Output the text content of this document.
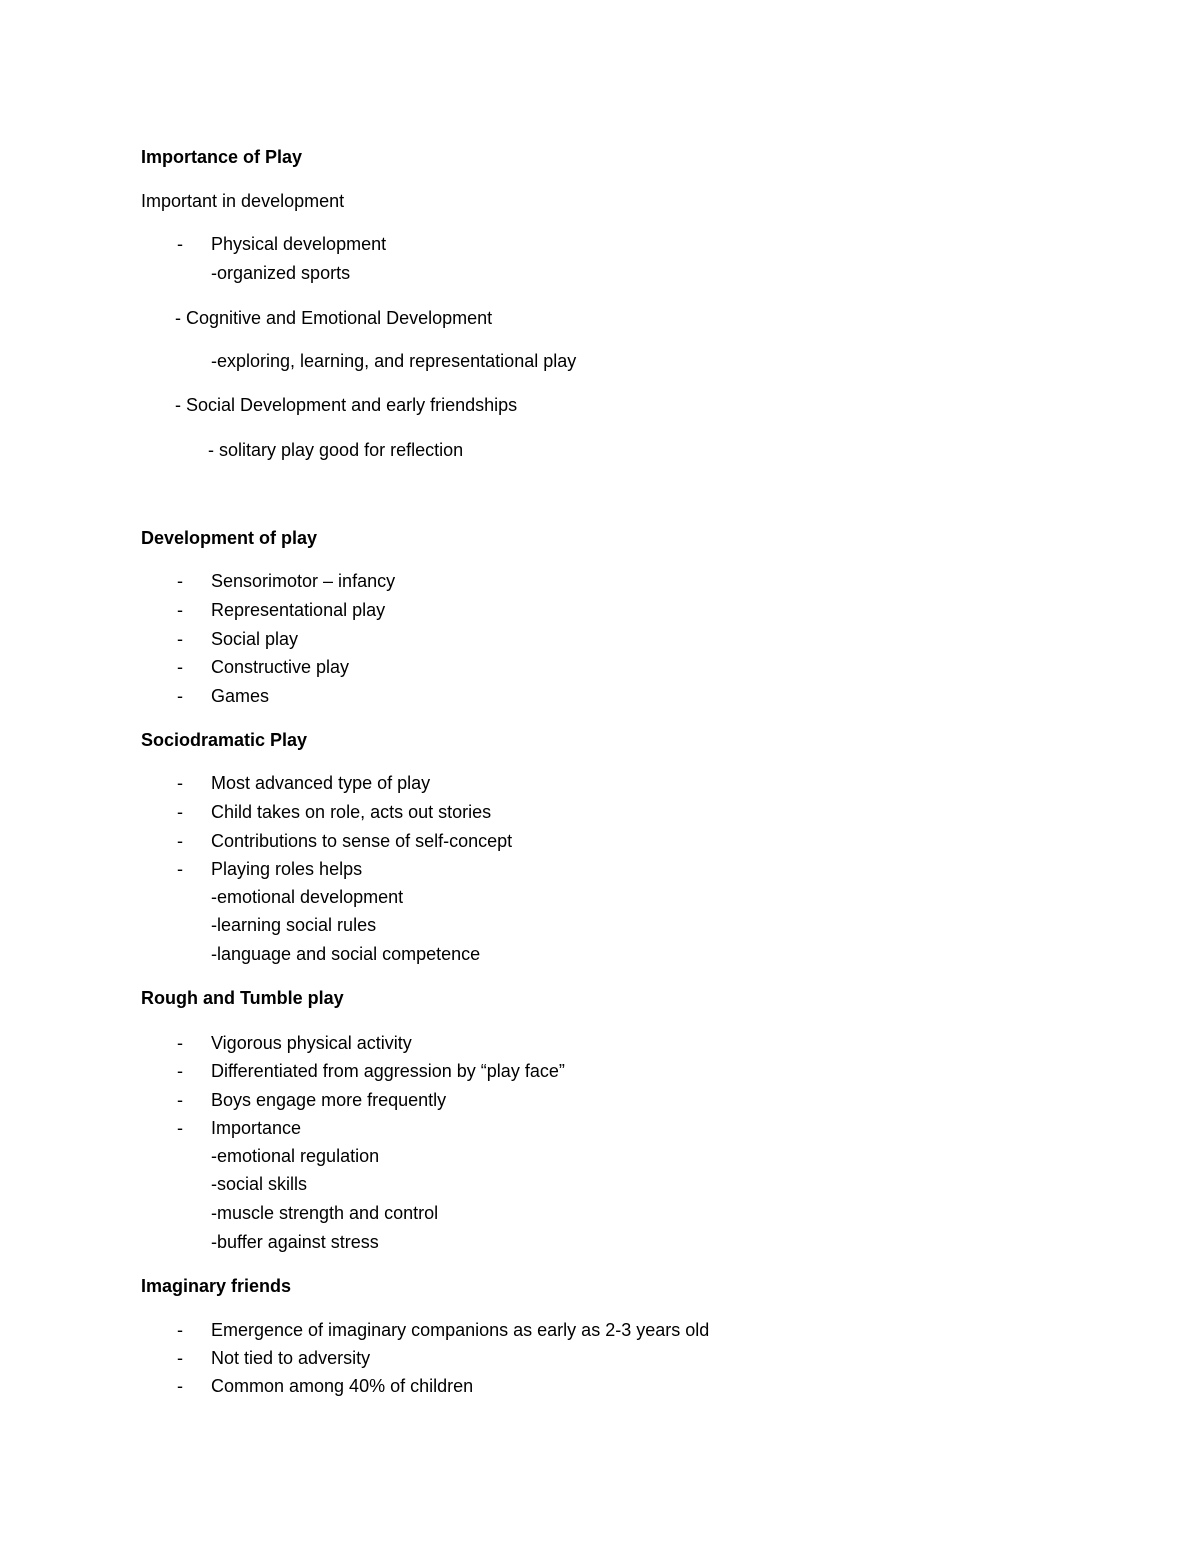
Importance of Play
Important in development
- Physical development
-organized sports
- Cognitive and Emotional Development
-exploring, learning, and representational play
- Social Development and early friendships
- solitary play good for reflection
Development of play
- Sensorimotor – infancy
- Representational play
- Social play
- Constructive play
- Games
Sociodramatic Play
- Most advanced type of play
- Child takes on role, acts out stories
- Contributions to sense of self-concept
- Playing roles helps
-emotional development
-learning social rules
-language and social competence
Rough and Tumble play
- Vigorous physical activity
- Differentiated from aggression by “play face”
- Boys engage more frequently
- Importance
-emotional regulation
-social skills
-muscle strength and control
-buffer against stress
Imaginary friends
- Emergence of imaginary companions as early as 2-3 years old
- Not tied to adversity
- Common among 40% of children
